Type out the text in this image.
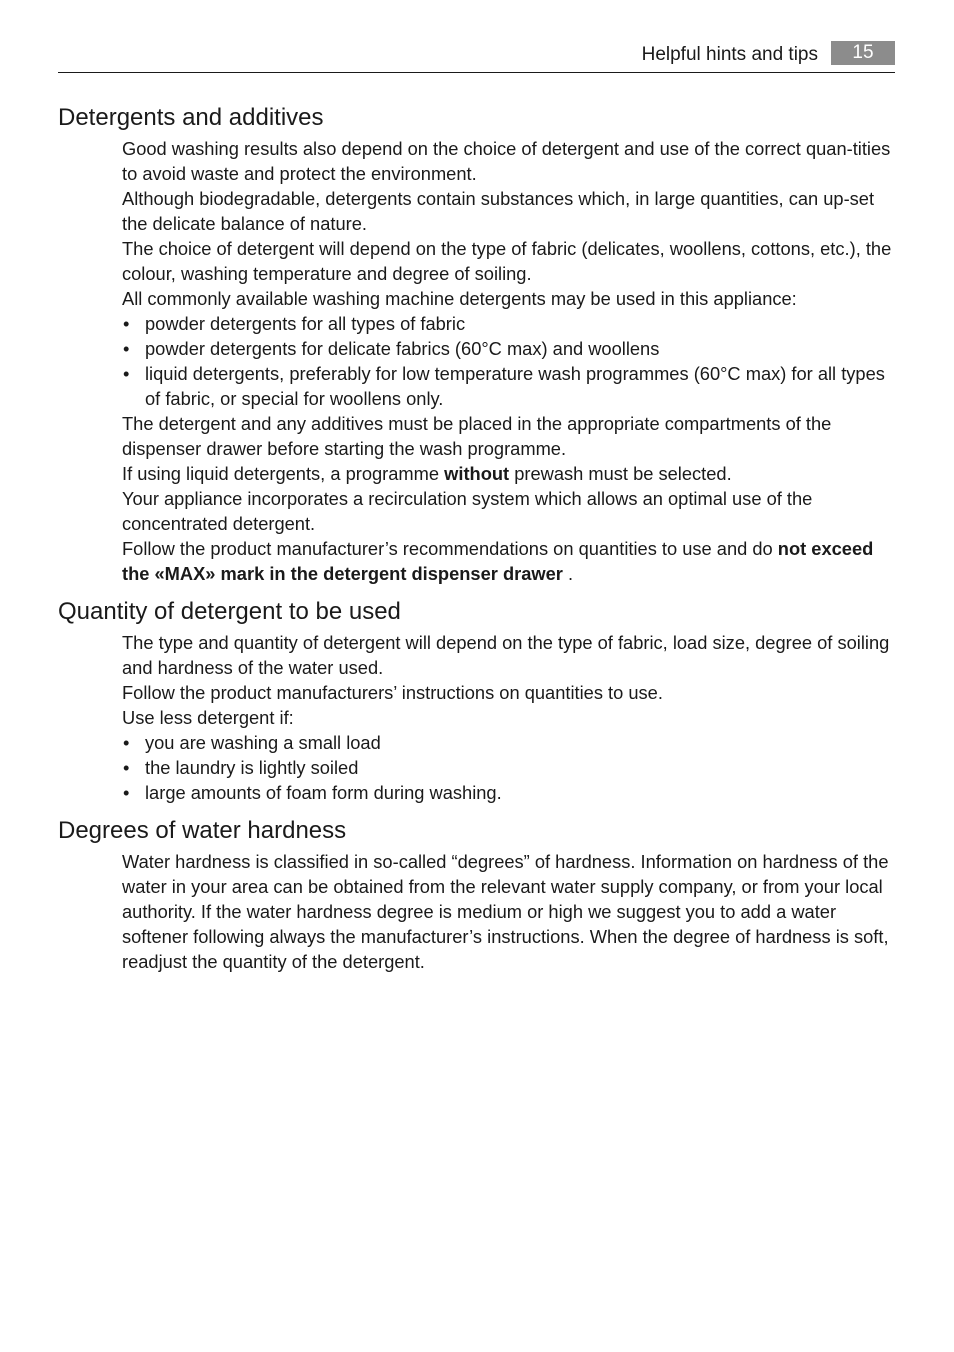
Helpful hints and tips	15
Detergents and additives

Good washing results also depend on the choice of detergent and use of the correct quan-tities to avoid waste and protect the environment.

Although biodegradable, detergents contain substances which, in large quantities, can up-set the delicate balance of nature.

The choice of detergent will depend on the type of fabric (delicates, woollens, cottons, etc.), the colour, washing temperature and degree of soiling.

All commonly available washing machine detergents may be used in this appliance:

• powder detergents for all types of fabric
• powder detergents for delicate fabrics (60°C max) and woollens
• liquid detergents, preferably for low temperature wash programmes (60°C max) for all types of fabric, or special for woollens only.

The detergent and any additives must be placed in the appropriate compartments of the dispenser drawer before starting the wash programme.

If using liquid detergents, a programme without prewash must be selected.

Your appliance incorporates a recirculation system which allows an optimal use of the concentrated detergent.

Follow the product manufacturer’s recommendations on quantities to use and do not exceed the «MAX» mark in the detergent dispenser drawer .

Quantity of detergent to be used

The type and quantity of detergent will depend on the type of fabric, load size, degree of soiling and hardness of the water used.

Follow the product manufacturers’ instructions on quantities to use.

Use less detergent if:

• you are washing a small load
• the laundry is lightly soiled
• large amounts of foam form during washing.
Degrees of water hardness

Water hardness is classified in so-called “degrees” of hardness. Information on hardness of the water in your area can be obtained from the relevant water supply company, or from your local authority. If the water hardness degree is medium or high we suggest you to add a water softener following always the manufacturer’s instructions. When the degree of hardness is soft, readjust the quantity of the detergent.
